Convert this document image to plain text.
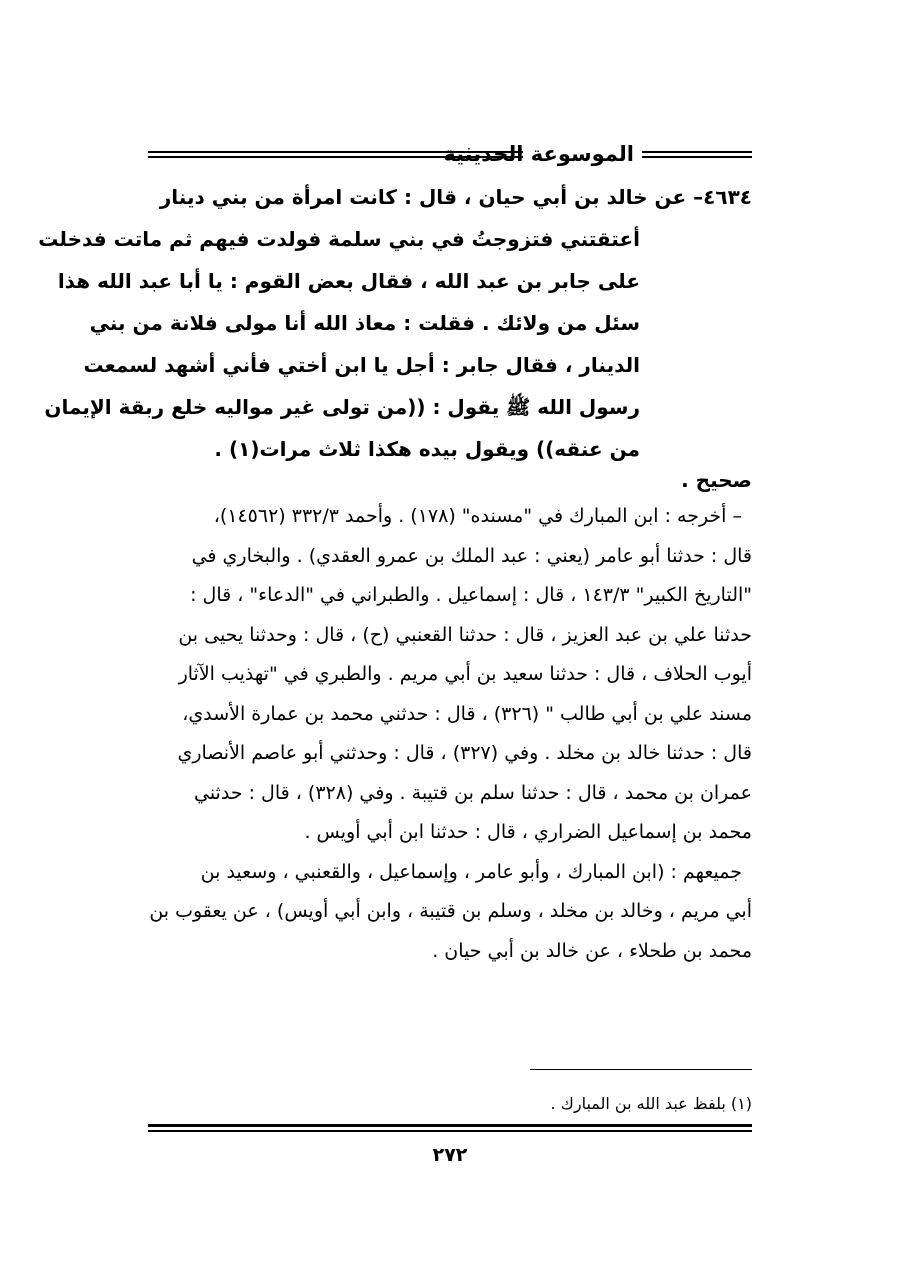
الموسوعة الحديثية
٤٦٣٤– عن خالد بن أبي حيان ، قال : كانت امرأة من بني دينار
أعتقتني فتزوجتُ في بني سلمة فولدت فيهم ثم ماتت فدخلت
على جابر بن عبد الله ، فقال بعض القوم : يا أبا عبد الله هذا
سئل من ولائك . فقلت : معاذ الله أنا مولى فلانة من بني
الدينار ، فقال جابر : أجل يا ابن أختي فأني أشهد لسمعت
رسول الله ﷺ يقول : ((من تولى غير مواليه خلع ربقة الإيمان
من عنقه)) ويقول بيده هكذا ثلاث مرات(١) .
صحيح .
– أخرجه : ابن المبارك في "مسنده" (١٧٨) . وأحمد ٣٣٢/٣ (١٤٥٦٢)،
قال : حدثنا أبو عامر (يعني : عبد الملك بن عمرو العقدي) . والبخاري في
"التاريخ الكبير" ١٤٣/٣ ، قال : إسماعيل . والطبراني في "الدعاء" ، قال :
حدثنا علي بن عبد العزيز ، قال : حدثنا القعنبي (ح) ، قال : وحدثنا يحيى بن
أيوب الحلاف ، قال : حدثنا سعيد بن أبي مريم . والطبري في "تهذيب الآثار
مسند علي بن أبي طالب " (٣٢٦) ، قال : حدثني محمد بن عمارة الأسدي،
قال : حدثنا خالد بن مخلد . وفي (٣٢٧) ، قال : وحدثني أبو عاصم الأنصاري
عمران بن محمد ، قال : حدثنا سلم بن قتيبة . وفي (٣٢٨) ، قال : حدثني
محمد بن إسماعيل الضراري ، قال : حدثنا ابن أبي أويس .
جميعهم : (ابن المبارك ، وأبو عامر ، وإسماعيل ، والقعنبي ، وسعيد بن
أبي مريم ، وخالد بن مخلد ، وسلم بن قتيبة ، وابن أبي أويس) ، عن يعقوب بن
محمد بن طحلاء ، عن خالد بن أبي حيان .
(١) بلفظ عبد الله بن المبارك .
٢٧٢
